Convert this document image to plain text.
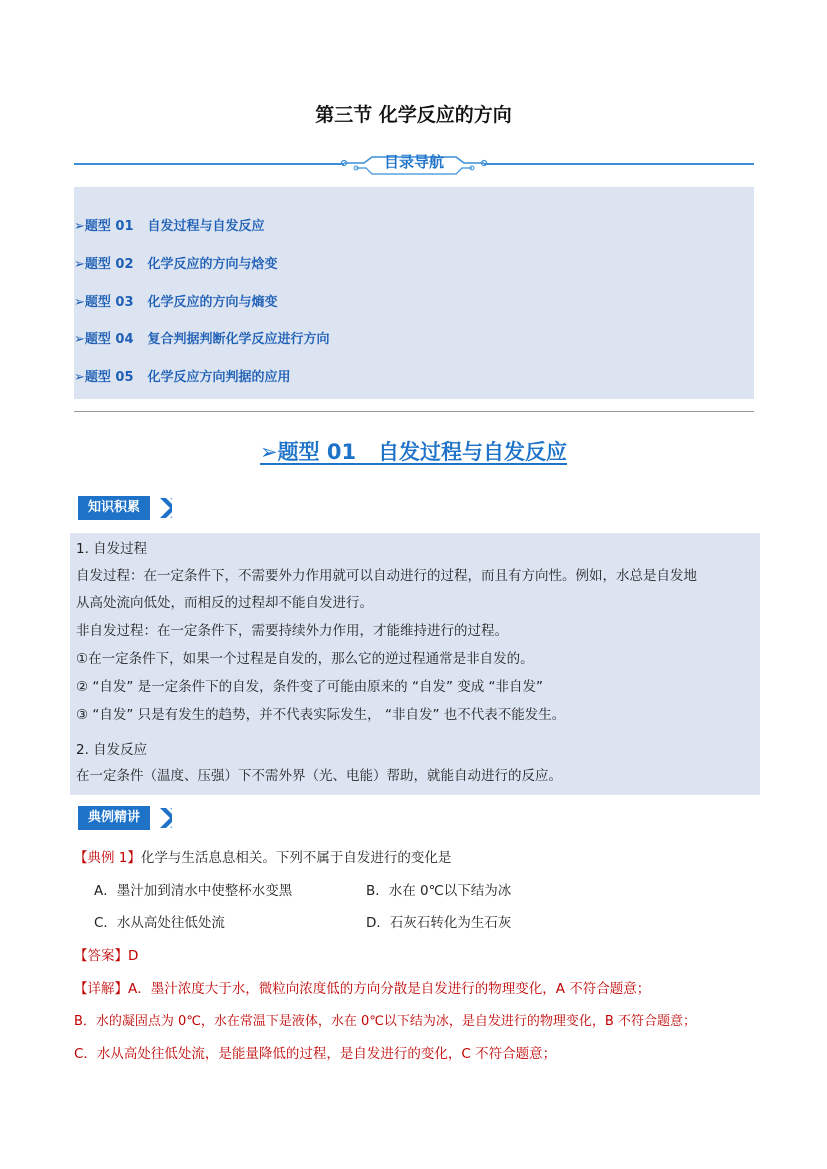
第三节 化学反应的方向
目录导航
➢题型 01 自发过程与自发反应
➢题型 02 化学反应的方向与焓变
➢题型 03 化学反应的方向与熵变
➢题型 04 复合判据判断化学反应进行方向
➢题型 05 化学反应方向判据的应用
➢题型 01 自发过程与自发反应
知识积累
1. 自发过程
自发过程：在一定条件下，不需要外力作用就可以自动进行的过程，而且有方向性。例如，水总是自发地
从高处流向低处，而相反的过程却不能自发进行。
非自发过程：在一定条件下，需要持续外力作用，才能维持进行的过程。
①在一定条件下，如果一个过程是自发的，那么它的逆过程通常是非自发的。
② “自发” 是一定条件下的自发，条件变了可能由原来的 “自发” 变成 “非自发”
③ “自发” 只是有发生的趋势，并不代表实际发生， “非自发” 也不代表不能发生。
2. 自发反应
在一定条件（温度、压强）下不需外界（光、电能）帮助，就能自动进行的反应。
典例精讲
【典例 1】化学与生活息息相关。下列不属于自发进行的变化是
A．墨汁加到清水中使整杯水变黑	B．水在 0℃以下结为冰
C．水从高处往低处流	D．石灰石转化为生石灰
【答案】D
【详解】A．墨汁浓度大于水，微粒向浓度低的方向分散是自发进行的物理变化，A 不符合题意；
B．水的凝固点为 0℃，水在常温下是液体，水在 0℃以下结为冰，是自发进行的物理变化，B 不符合题意；
C．水从高处往低处流，是能量降低的过程，是自发进行的变化，C 不符合题意；
